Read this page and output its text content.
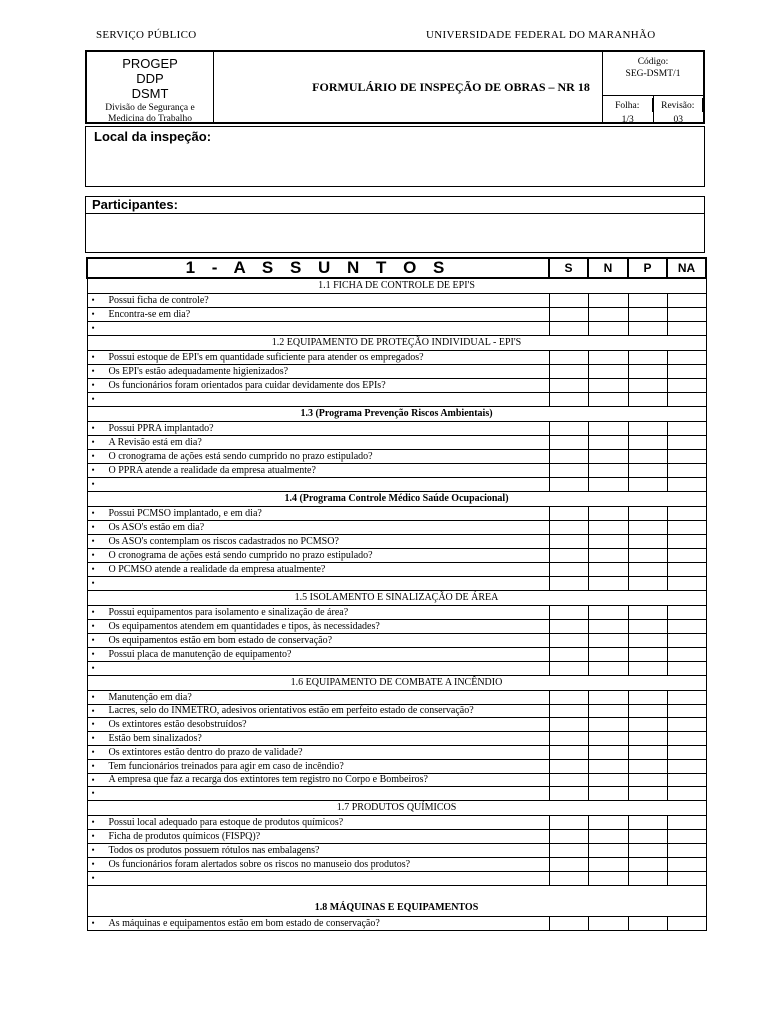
SERVIÇO PÚBLICO	UNIVERSIDADE FEDERAL DO MARANHÃO
PROGEP
DDP
DSMT
Divisão de Segurança e Medicina do Trabalho
FORMULÁRIO DE INSPEÇÃO DE OBRAS – NR 18
Código:
SEG-DSMT/1
Folha:
1/3
Revisão:
03
Local da inspeção:
Participantes:
1 - A S S U N T O S	S	N	P	NA
1.1 FICHA DE CONTROLE DE EPI'S				
• Possui ficha de controle?				
• Encontra-se em dia?				
•				
1.2 EQUIPAMENTO DE PROTEÇÃO INDIVIDUAL - EPI'S				
• Possui estoque de EPI's em quantidade suficiente para atender os empregados?				
• Os EPI's estão adequadamente higienizados?				
• Os funcionários foram orientados para cuidar devidamente dos EPIs?				
•				
1.3 (Programa Prevenção Riscos Ambientais)				
• Possui PPRA implantado?				
• A Revisão está em dia?				
• O cronograma de ações está sendo cumprido no prazo estipulado?				
• O PPRA atende a realidade da empresa atualmente?				
•				
1.4 (Programa Controle Médico Saúde Ocupacional)				
• Possui PCMSO implantado, e em dia?				
• Os ASO's estão em dia?				
• Os ASO's contemplam os riscos cadastrados no PCMSO?				
• O cronograma de ações está sendo cumprido no prazo estipulado?				
• O PCMSO atende a realidade da empresa atualmente?				
•				
1.5 ISOLAMENTO E SINALIZAÇÃO DE ÁREA				
• Possui equipamentos para isolamento e sinalização de área?				
• Os equipamentos atendem em quantidades e tipos, às necessidades?				
• Os equipamentos estão em bom estado de conservação?				
• Possui placa de manutenção de equipamento?				
•				
1.6 EQUIPAMENTO DE COMBATE A INCÊNDIO				
• Manutenção em dia?				

• Lacres, selo do INMETRO, adesivos orientativos estão em perfeito estado de conservação?				

• Os extintores estão desobstruídos?				
• Estão bem sinalizados?				
• Os extintores estão dentro do prazo de validade?				
• Tem funcionários treinados para agir em caso de incêndio?				

• A empresa que faz a recarga dos extintores tem registro no Corpo e Bombeiros?				

•				
1.7 PRODUTOS QUÍMICOS				
• Possui local adequado para estoque de produtos químicos?				
• Ficha de produtos químicos (FISPQ)?				
• Todos os produtos possuem rótulos nas embalagens?				
• Os funcionários foram alertados sobre os riscos no manuseio dos produtos?				
•				
1.8 MÁQUINAS E EQUIPAMENTOS				
• As máquinas e equipamentos estão em bom estado de conservação?				
